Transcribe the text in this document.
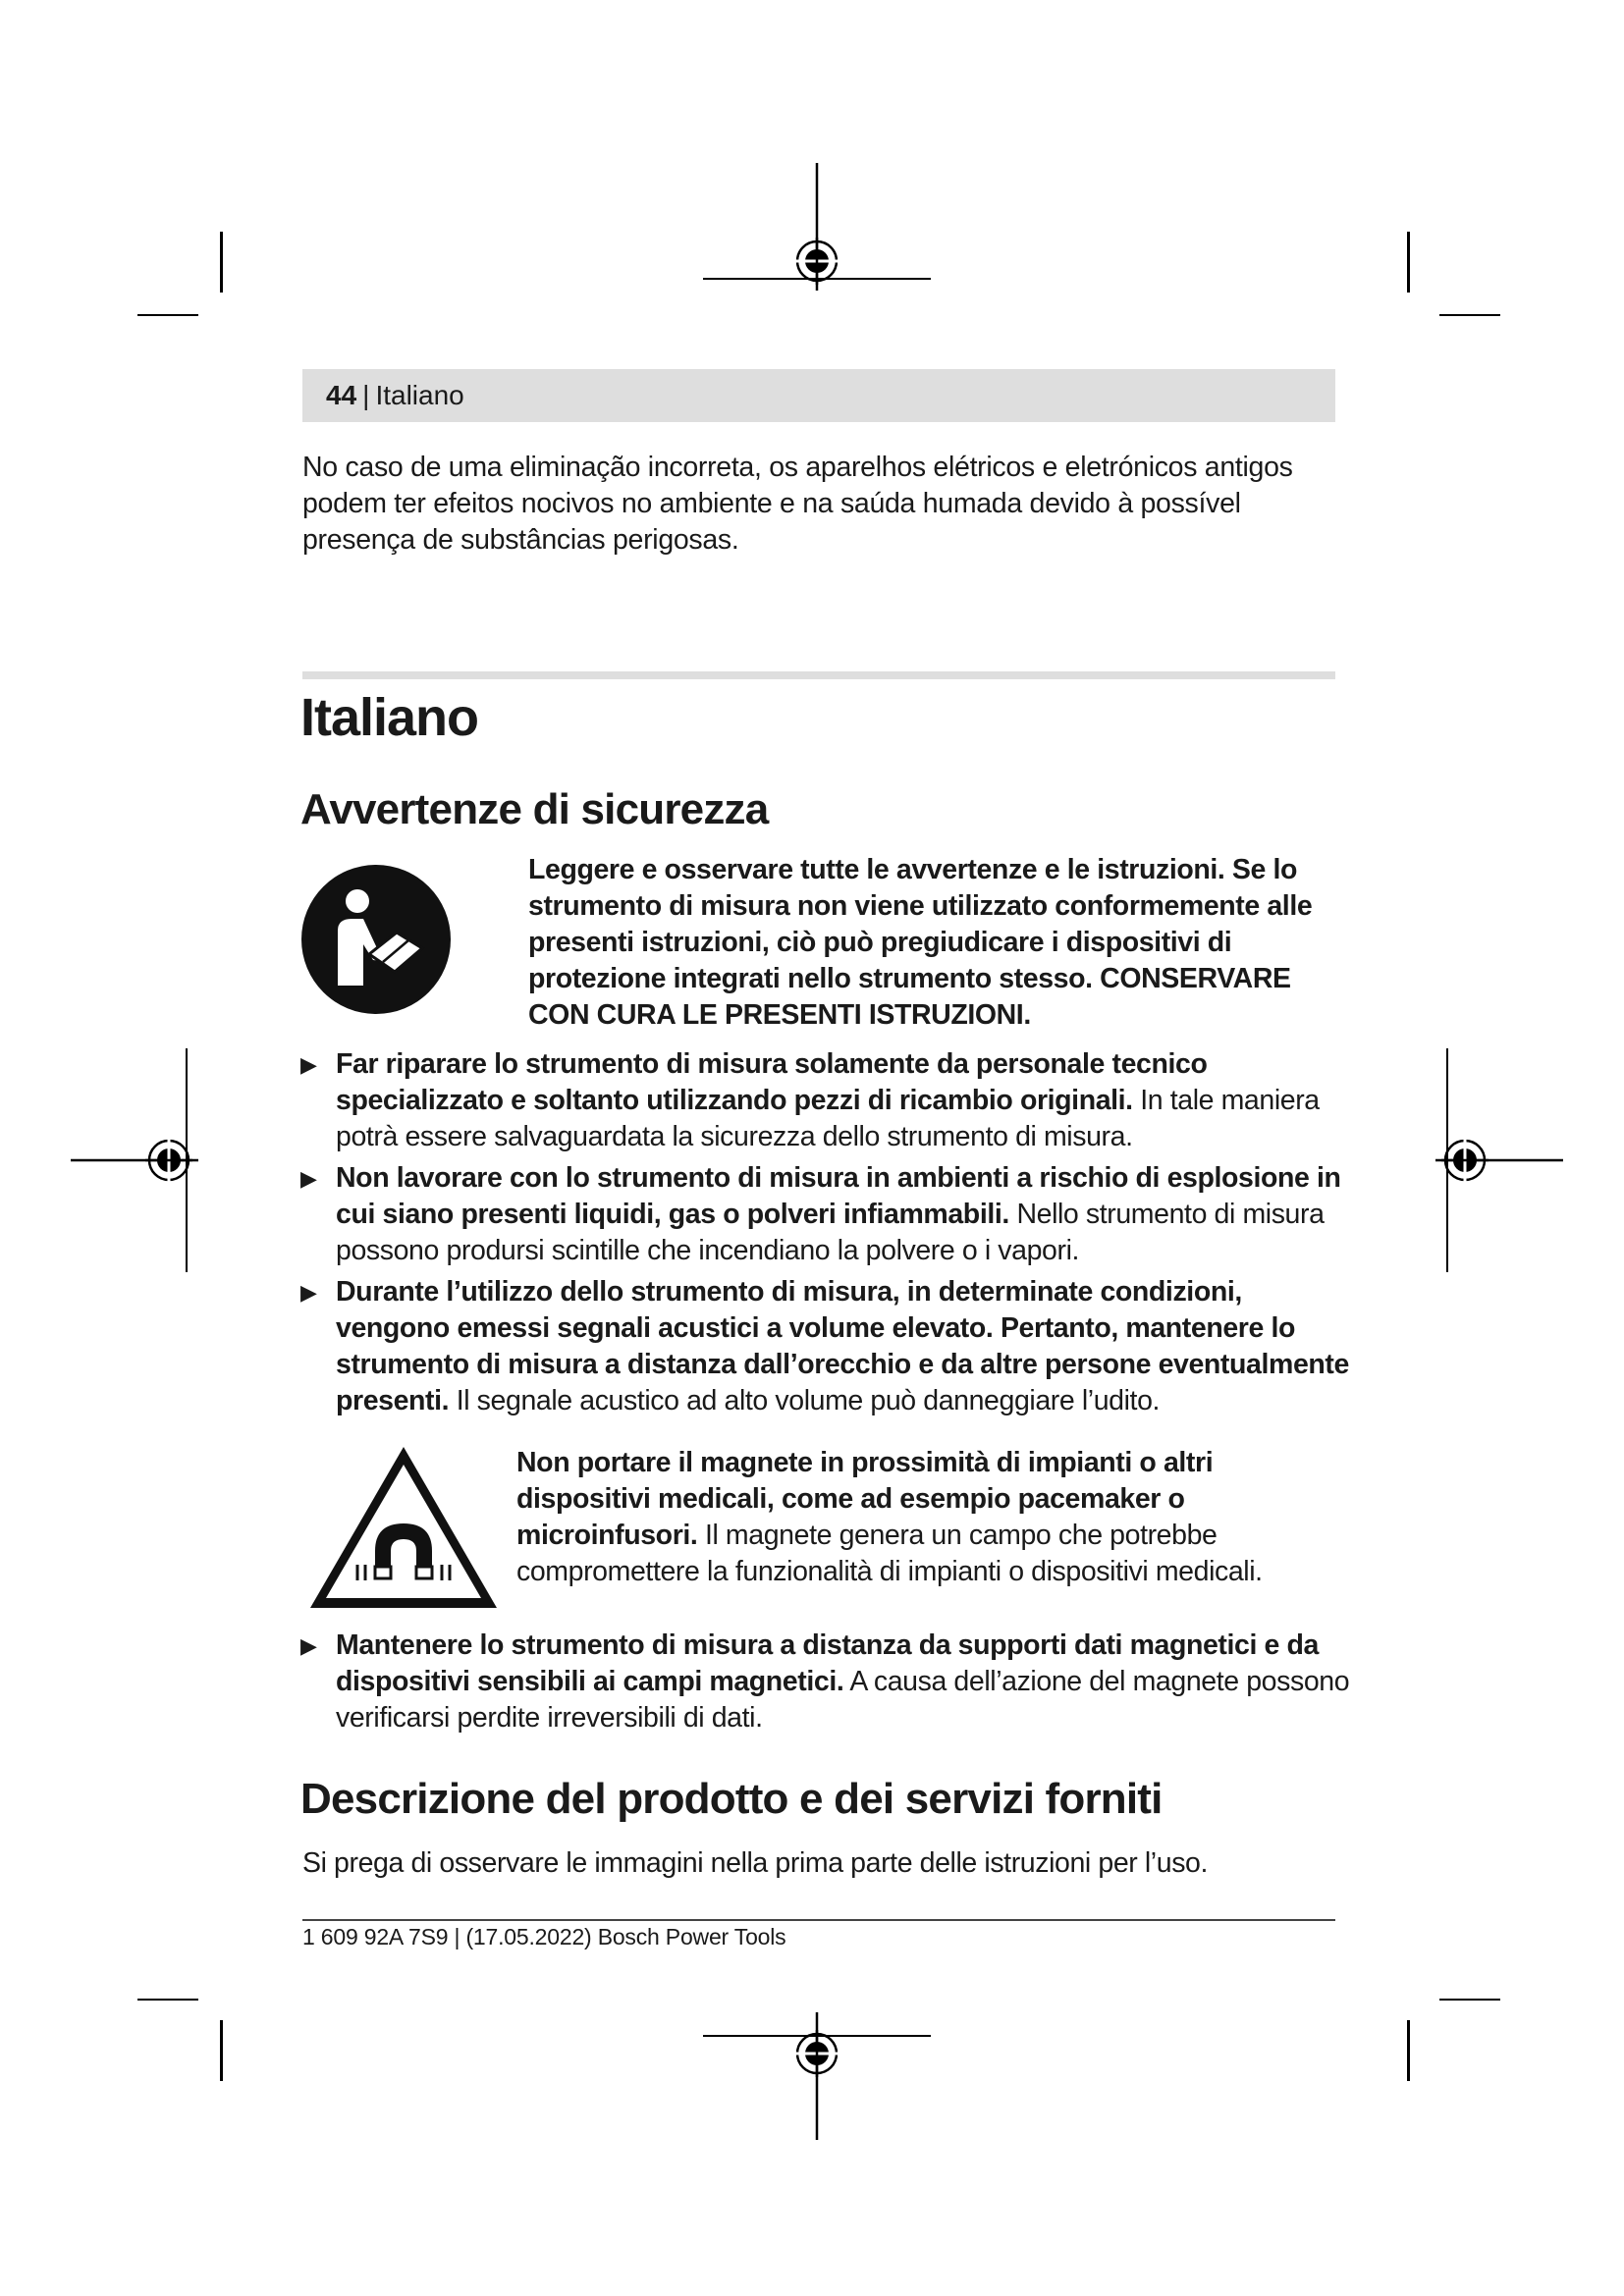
44 | Italiano
No caso de uma eliminação incorreta, os aparelhos elétricos e eletrónicos antigos podem ter efeitos nocivos no ambiente e na saúda humada devido à possível presença de substâncias perigosas.
Italiano
Avvertenze di sicurezza
Leggere e osservare tutte le avvertenze e le istruzioni. Se lo strumento di misura non viene utilizzato conformemente alle presenti istruzioni, ciò può pregiudicare i dispositivi di protezione integrati nello strumento stesso. CONSERVARE CON CURA LE PRESENTI ISTRUZIONI.
▶ Far riparare lo strumento di misura solamente da personale tecnico specializzato e soltanto utilizzando pezzi di ricambio originali. In tale maniera potrà essere salvaguardata la sicurezza dello strumento di misura.
▶ Non lavorare con lo strumento di misura in ambienti a rischio di esplosione in cui siano presenti liquidi, gas o polveri infiammabili. Nello strumento di misura possono prodursi scintille che incendiano la polvere o i vapori.
▶ Durante l’utilizzo dello strumento di misura, in determinate condizioni, vengono emessi segnali acustici a volume elevato. Pertanto, mantenere lo strumento di misura a distanza dall’orecchio e da altre persone eventualmente presenti. Il segnale acustico ad alto volume può danneggiare l’udito.
Non portare il magnete in prossimità di impianti o altri dispositivi medicali, come ad esempio pacemaker o microinfusori. Il magnete genera un campo che potrebbe compromettere la funzionalità di impianti o dispositivi medicali.
▶ Mantenere lo strumento di misura a distanza da supporti dati magnetici e da dispositivi sensibili ai campi magnetici. A causa dell’azione del magnete possono verificarsi perdite irreversibili di dati.
Descrizione del prodotto e dei servizi forniti
Si prega di osservare le immagini nella prima parte delle istruzioni per l’uso.
1 609 92A 7S9 | (17.05.2022) Bosch Power Tools
